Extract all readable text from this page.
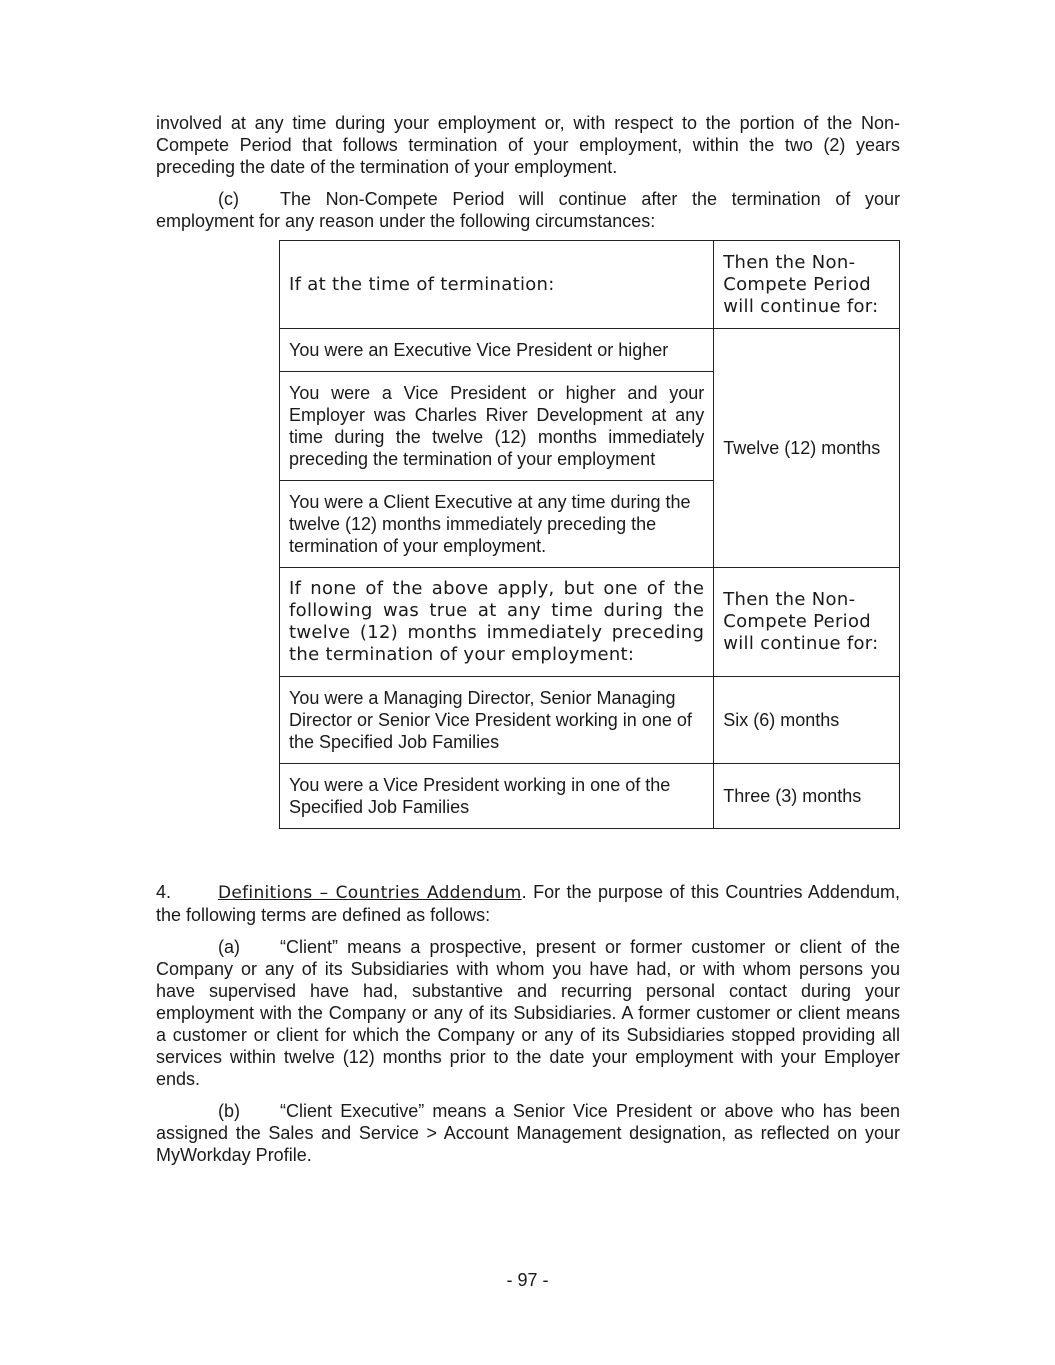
involved at any time during your employment or, with respect to the portion of the Non-Compete Period that follows termination of your employment, within the two (2) years preceding the date of the termination of your employment.

(c) The Non-Compete Period will continue after the termination of your employment for any reason under the following circumstances:

If at the time of termination:	Then the Non-Compete Period will continue for:
You were an Executive Vice President or higher	Twelve (12) months
You were a Vice President or higher and your Employer was Charles River Development at any time during the twelve (12) months immediately preceding the termination of your employment	
You were a Client Executive at any time during the twelve (12) months immediately preceding the termination of your employment.	
If none of the above apply, but one of the following was true at any time during the twelve (12) months immediately preceding the termination of your employment:	Then the Non-Compete Period will continue for:
You were a Managing Director, Senior Managing Director or Senior Vice President working in one of the Specified Job Families	Six (6) months
You were a Vice President working in one of the Specified Job Families	Three (3) months

4.	Definitions – Countries Addendum. For the purpose of this Countries Addendum, the following terms are defined as follows:

(a) “Client” means a prospective, present or former customer or client of the Company or any of its Subsidiaries with whom you have had, or with whom persons you have supervised have had, substantive and recurring personal contact during your employment with the Company or any of its Subsidiaries. A former customer or client means a customer or client for which the Company or any of its Subsidiaries stopped providing all services within twelve (12) months prior to the date your employment with your Employer ends.

(b) “Client Executive” means a Senior Vice President or above who has been assigned the Sales and Service > Account Management designation, as reflected on your MyWorkday Profile.

- 97 -
